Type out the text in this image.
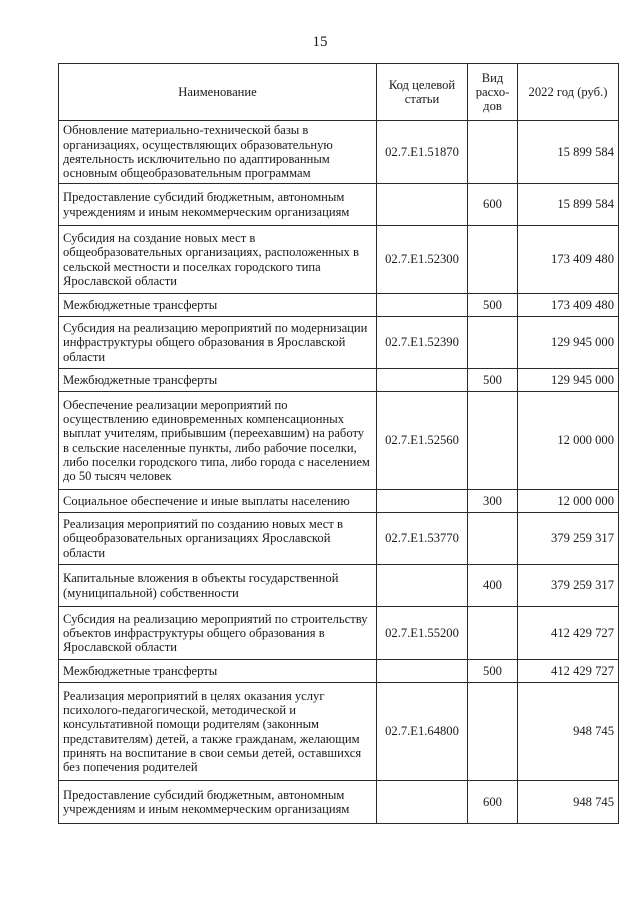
15
Наименование	Код целевой статьи	Вид расхо-дов	2022 год (руб.)
Обновление материально-технической базы в организациях, осуществляющих образовательную деятельность исключительно по адаптированным основным общеобразовательным программам	02.7.E1.51870		15 899 584
Предоставление субсидий бюджетным, автономным учреждениям и иным некоммерческим организациям		600	15 899 584
Субсидия на создание новых мест в общеобразовательных организациях, расположенных в сельской местности и поселках городского типа Ярославской области	02.7.E1.52300		173 409 480
Межбюджетные трансферты		500	173 409 480
Субсидия на реализацию мероприятий по модернизации инфраструктуры общего образования в Ярославской области	02.7.E1.52390		129 945 000
Межбюджетные трансферты		500	129 945 000
Обеспечение реализации мероприятий по осуществлению единовременных компенсационных выплат учителям, прибывшим (переехавшим) на работу в сельские населенные пункты, либо рабочие поселки, либо поселки городского типа, либо города с населением до 50 тысяч человек	02.7.E1.52560		12 000 000
Социальное обеспечение и иные выплаты населению		300	12 000 000
Реализация мероприятий по созданию новых мест в общеобразовательных организациях Ярославской области	02.7.E1.53770		379 259 317
Капитальные вложения в объекты государственной (муниципальной) собственности		400	379 259 317
Субсидия на реализацию мероприятий по строительству объектов инфраструктуры общего образования в Ярославской области	02.7.E1.55200		412 429 727
Межбюджетные трансферты		500	412 429 727
Реализация мероприятий в целях оказания услуг психолого-педагогической, методической и консультативной помощи родителям (законным представителям) детей, а также гражданам, желающим принять на воспитание в свои семьи детей, оставшихся без попечения родителей	02.7.E1.64800		948 745
Предоставление субсидий бюджетным, автономным учреждениям и иным некоммерческим организациям		600	948 745
